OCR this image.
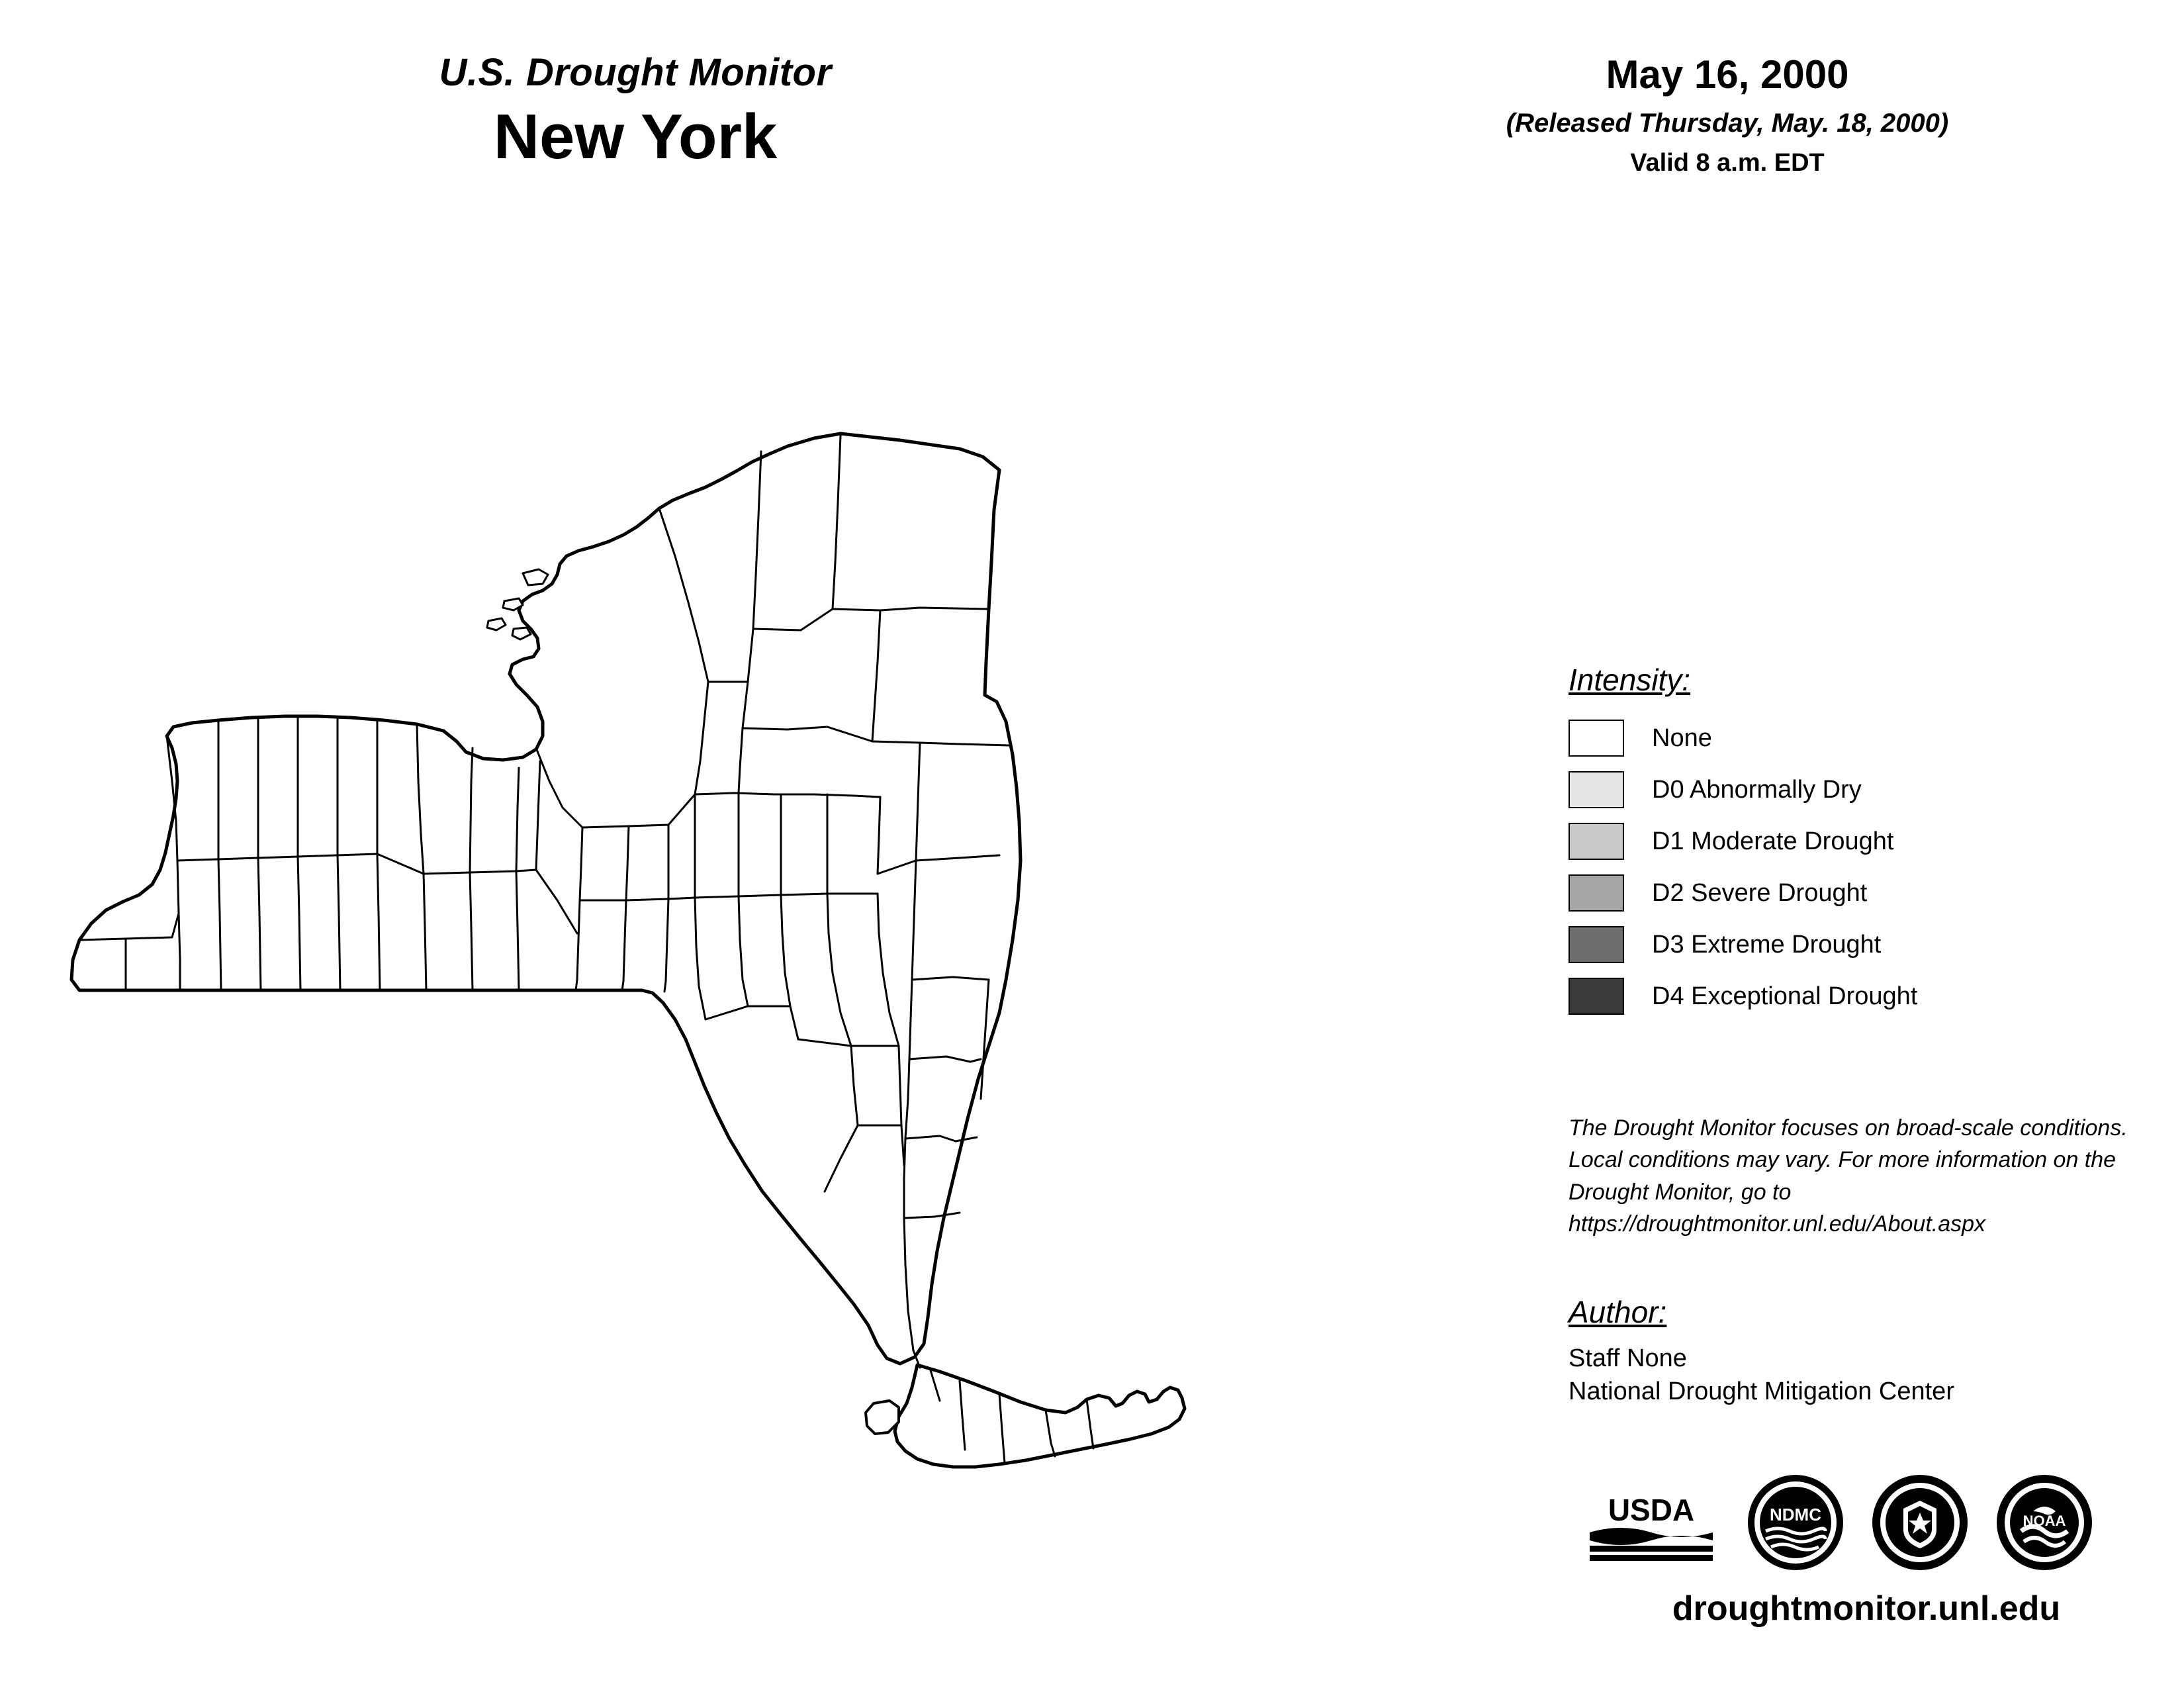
U.S. Drought Monitor
New York
May 16, 2000
(Released Thursday, May. 18, 2000)
Valid 8 a.m. EDT
Intensity:
None
D0 Abnormally Dry
D1 Moderate Drought
D2 Severe Drought
D3 Extreme Drought
D4 Exceptional Drought
The Drought Monitor focuses on broad-scale conditions. Local conditions may vary. For more information on the Drought Monitor, go to https://droughtmonitor.unl.edu/About.aspx
Author:
Staff None
National Drought Mitigation Center
USDA	NDMC	NOAA
droughtmonitor.unl.edu
